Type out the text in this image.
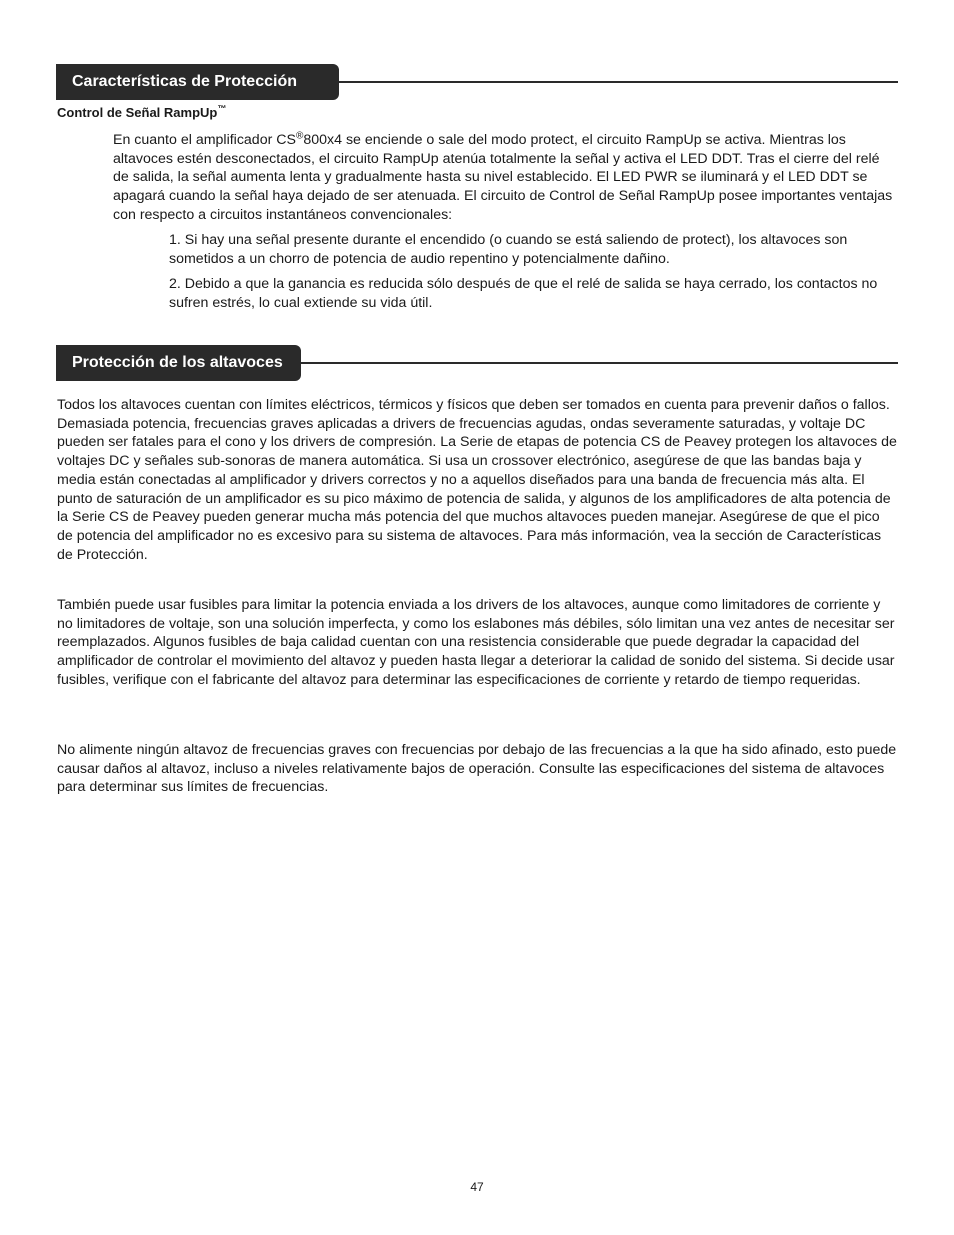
Características de Protección
Control de Señal RampUp™

En cuanto el amplificador CS®800x4 se enciende o sale del modo protect, el circuito RampUp se activa. Mientras los altavoces estén desconectados, el circuito RampUp atenúa totalmente la señal y activa el LED DDT. Tras el cierre del relé de salida, la señal aumenta lenta y gradualmente hasta su nivel establecido. El LED PWR se iluminará y el LED DDT se apagará cuando la señal haya dejado de ser atenuada. El circuito de Control de Señal RampUp posee importantes ventajas con respecto a circuitos instantáneos convencionales:

1. Si hay una señal presente durante el encendido (o cuando se está saliendo de protect), los altavoces son sometidos a un chorro de potencia de audio repentino y potencialmente dañino.

2. Debido a que la ganancia es reducida sólo después de que el relé de salida se haya cerrado, los contactos no sufren estrés, lo cual extiende su vida útil.

Protección de los altavoces

Todos los altavoces cuentan con límites eléctricos, térmicos y físicos que deben ser tomados en cuenta para prevenir daños o fallos. Demasiada potencia, frecuencias graves aplicadas a drivers de frecuencias agudas, ondas severamente saturadas, y voltaje DC pueden ser fatales para el cono y los drivers de compresión. La Serie de etapas de potencia CS de Peavey protegen los altavoces de voltajes DC y señales sub-sonoras de manera automática. Si usa un crossover electrónico, asegúrese de que las bandas baja y media están conectadas al amplificador y drivers correctos y no a aquellos diseñados para una banda de frecuencia más alta. El punto de saturación de un amplificador es su pico máximo de potencia de salida, y algunos de los amplificadores de alta potencia de la Serie CS de Peavey pueden generar mucha más potencia del que muchos altavoces pueden manejar. Asegúrese de que el pico de potencia del amplificador no es excesivo para su sistema de altavoces. Para más información, vea la sección de Características de Protección.

También puede usar fusibles para limitar la potencia enviada a los drivers de los altavoces, aunque como limitadores de corriente y no limitadores de voltaje, son una solución imperfecta, y como los eslabones más débiles, sólo limitan una vez antes de necesitar ser reemplazados. Algunos fusibles de baja calidad cuentan con una resistencia considerable que puede degradar la capacidad del amplificador de controlar el movimiento del altavoz y pueden hasta llegar a deteriorar la calidad de sonido del sistema. Si decide usar fusibles, verifique con el fabricante del altavoz para determinar las especificaciones de corriente y retardo de tiempo requeridas.

No alimente ningún altavoz de frecuencias graves con frecuencias por debajo de las frecuencias a la que ha sido afinado, esto puede causar daños al altavoz, incluso a niveles relativamente bajos de operación. Consulte las especificaciones del sistema de altavoces para determinar sus límites de frecuencias.

47
